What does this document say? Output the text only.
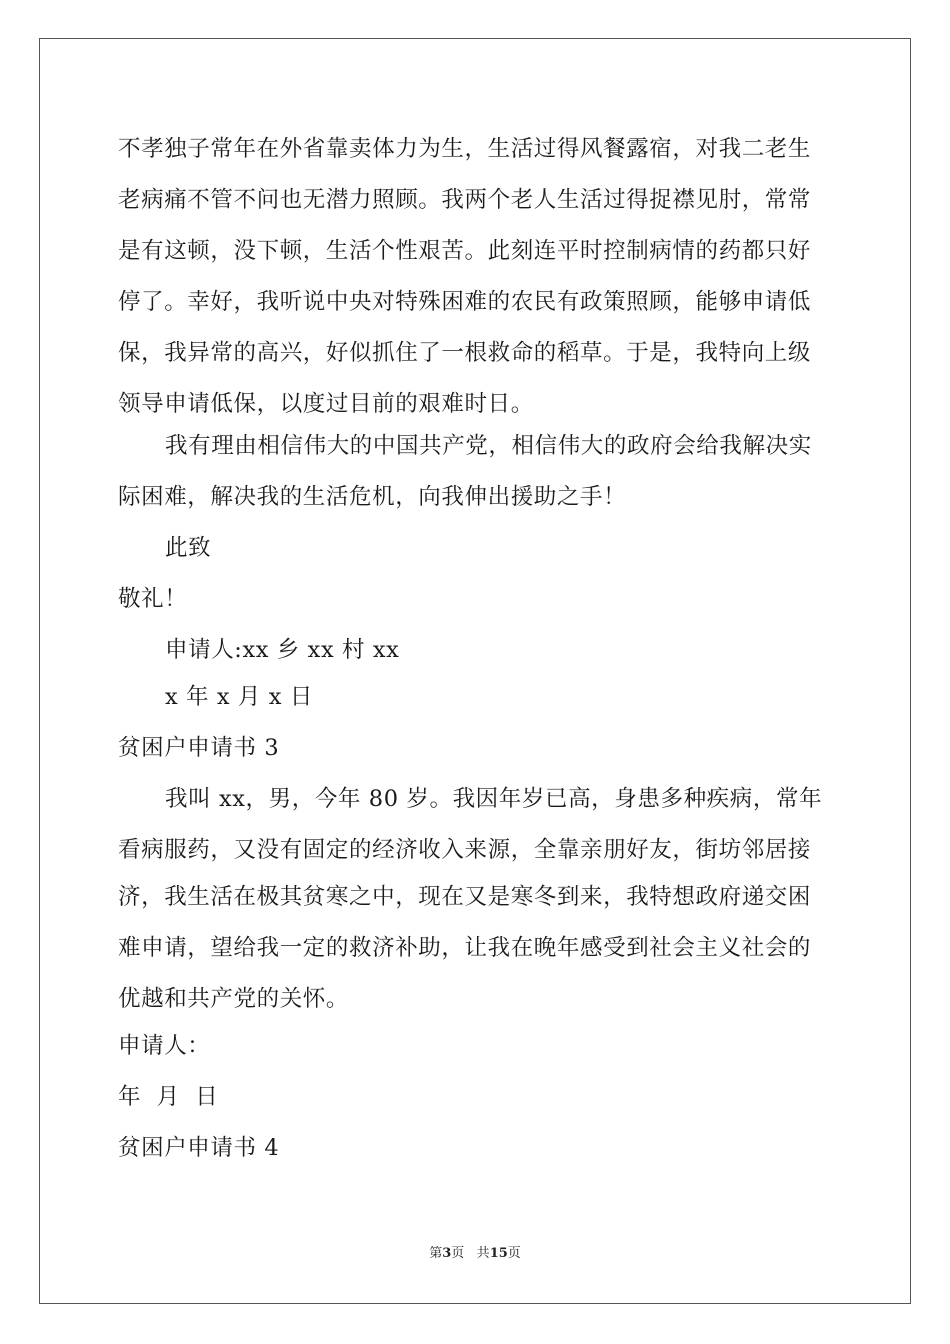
不孝独子常年在外省靠卖体力为生，生活过得风餐露宿，对我二老生
老病痛不管不问也无潜力照顾。我两个老人生活过得捉襟见肘，常常
是有这顿，没下顿，生活个性艰苦。此刻连平时控制病情的药都只好
停了。幸好，我听说中央对特殊困难的农民有政策照顾，能够申请低
保，我异常的高兴，好似抓住了一根救命的稻草。于是，我特向上级
领导申请低保，以度过目前的艰难时日。
我有理由相信伟大的中国共产党，相信伟大的政府会给我解决实
际困难，解决我的生活危机，向我伸出援助之手！
此致
敬礼！
申请人:xx 乡 xx 村 xx
x 年 x 月 x 日
贫困户申请书 3
我叫 xx，男，今年 80 岁。我因年岁已高，身患多种疾病，常年
看病服药，又没有固定的经济收入来源，全靠亲朋好友，街坊邻居接
济，我生活在极其贫寒之中，现在又是寒冬到来，我特想政府递交困
难申请，望给我一定的救济补助，让我在晚年感受到社会主义社会的
优越和共产党的关怀。
申请人：
年  月  日
贫困户申请书 4
第3页 共15页
